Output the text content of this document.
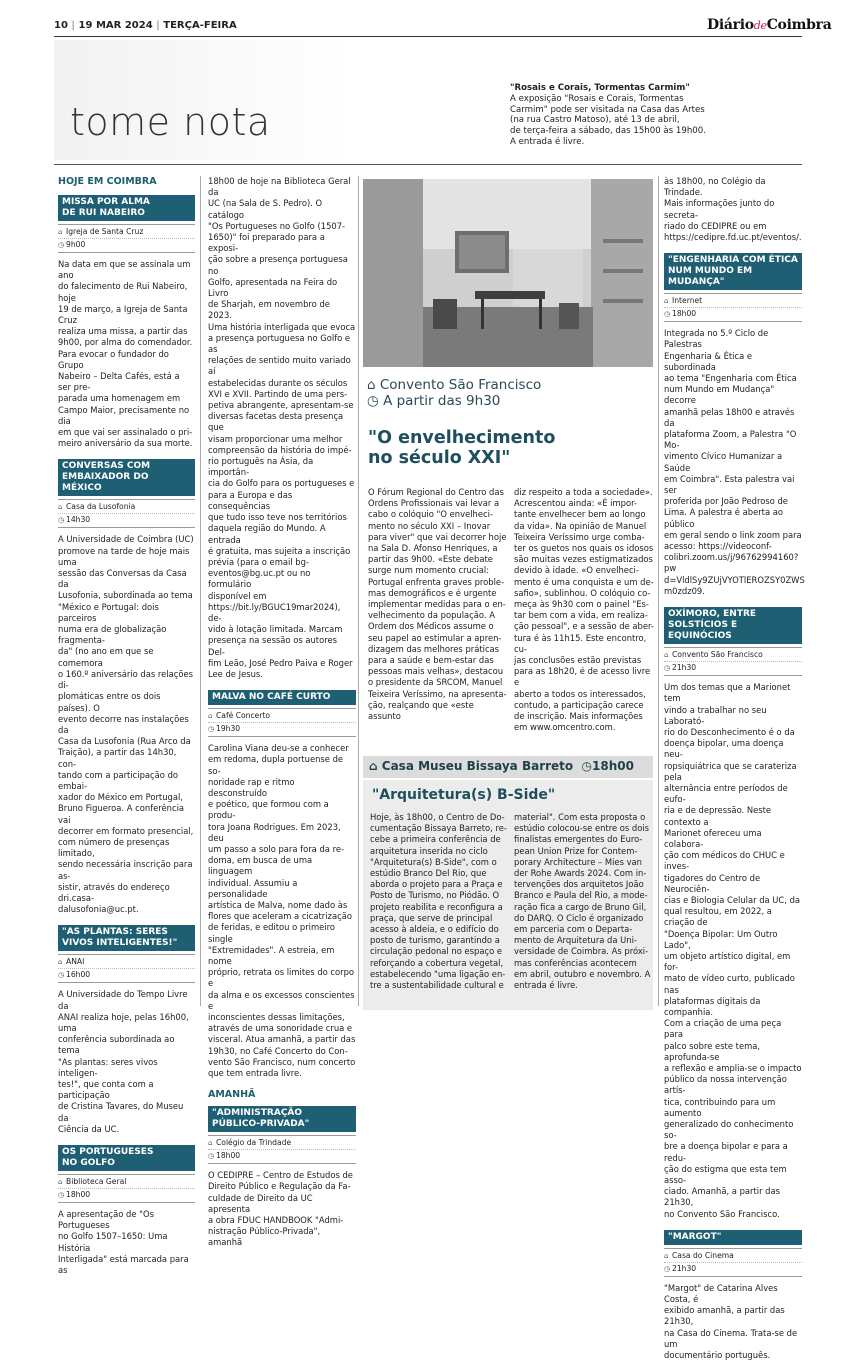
10 | 19 MAR 2024 | TERÇA-FEIRA	DiáriodeCoimbra
tome nota
"Rosais e Corais, Tormentas Carmim"
A exposição "Rosais e Corais, Tormentas
Carmim" pode ser visitada na Casa das Artes
(na rua Castro Matoso), até 13 de abril,
de terça-feira a sábado, das 15h00 às 19h00.
A entrada é livre.
HOJE EM COIMBRA
MISSA POR ALMA
DE RUI NABEIRO
⌂ Igreja de Santa Cruz
◷ 9h00
Na data em que se assinala um ano
do falecimento de Rui Nabeiro, hoje
19 de março, a Igreja de Santa Cruz
realiza uma missa, a partir das
9h00, por alma do comendador.
Para evocar o fundador do Grupo
Nabeiro – Delta Cafés, está a ser pre-
parada uma homenagem em
Campo Maior, precisamente no dia
em que vai ser assinalado o pri-
meiro aniversário da sua morte.
CONVERSAS COM
EMBAIXADOR DO MÉXICO
⌂ Casa da Lusofonia
◷ 14h30
A Universidade de Coimbra (UC)
promove na tarde de hoje mais uma
sessão das Conversas da Casa da
Lusofonia, subordinada ao tema
"México e Portugal: dois parceiros
numa era de globalização fragmenta-
da" (no ano em que se comemora
o 160.º aniversário das relações di-
plomáticas entre os dois países). O
evento decorre nas instalações da
Casa da Lusofonia (Rua Arco da
Traição), a partir das 14h30, con-
tando com a participação do embai-
xador do México em Portugal,
Bruno Figueroa. A conferência vai
decorrer em formato presencial,
com número de presenças limitado,
sendo necessária inscrição para as-
sistir, através do endereço dri.casa-
dalusofonia@uc.pt.
"AS PLANTAS: SERES
VIVOS INTELIGENTES!"
⌂ ANAI
◷ 16h00
A Universidade do Tempo Livre da
ANAI realiza hoje, pelas 16h00, uma
conferência subordinada ao tema
"As plantas: seres vivos inteligen-
tes!", que conta com a participação
de Cristina Tavares, do Museu da
Ciência da UC.
OS PORTUGUESES
NO GOLFO
⌂ Biblioteca Geral
◷ 18h00
A apresentação de "Os Portugueses
no Golfo 1507–1650: Uma História
Interligada" está marcada para as
18h00 de hoje na Biblioteca Geral da
UC (na Sala de S. Pedro). O catálogo
"Os Portugueses no Golfo (1507-
1650)" foi preparado para a exposi-
ção sobre a presença portuguesa no
Golfo, apresentada na Feira do Livro
de Sharjah, em novembro de 2023.
Uma história interligada que evoca
a presença portuguesa no Golfo e as
relações de sentido muito variado aí
estabelecidas durante os séculos
XVI e XVII. Partindo de uma pers-
petiva abrangente, apresentam-se
diversas facetas desta presença que
visam proporcionar uma melhor
compreensão da história do impé-
rio português na Ásia, da importân-
cia do Golfo para os portugueses e
para a Europa e das consequências
que tudo isso teve nos territórios
daquela região do Mundo. A entrada
é gratuita, mas sujeita a inscrição
prévia (para o email bg-
eventos@bg.uc.pt ou no formulário
disponível em
https://bit.ly/BGUC19mar2024), de-
vido à lotação limitada. Marcam
presença na sessão os autores Del-
fim Leão, José Pedro Paiva e Roger
Lee de Jesus.
MALVA NO CAFÉ CURTO
⌂ Café Concerto
◷ 19h30
Carolina Viana deu-se a conhecer
em redoma, dupla portuense de so-
noridade rap e ritmo desconstruído
e poético, que formou com a produ-
tora Joana Rodrigues. Em 2023, deu
um passo a solo para fora da re-
doma, em busca de uma linguagem
individual. Assumiu a personalidade
artística de Malva, nome dado às
flores que aceleram a cicatrização
de feridas, e editou o primeiro single
"Extremidades". A estreia, em nome
próprio, retrata os limites do corpo e
da alma e os excessos conscientes e
inconscientes dessas limitações,
através de uma sonoridade crua e
visceral. Atua amanhã, a partir das
19h30, no Café Concerto do Con-
vento São Francisco, num concerto
que tem entrada livre.
AMANHÃ
"ADMINISTRAÇÃO
PÚBLICO-PRIVADA"
⌂ Colégio da Trindade
◷ 18h00
O CEDIPRE – Centro de Estudos de
Direito Público e Regulação da Fa-
culdade de Direito da UC apresenta
a obra FDUC HANDBOOK "Admi-
nistração Público-Privada", amanhã
⌂ Convento São Francisco
◷ A partir das 9h30
"O envelhecimento
no século XXI"
O Fórum Regional do Centro das
Ordens Profissionais vai levar a
cabo o colóquio "O envelheci-
mento no século XXI – Inovar
para viver" que vai decorrer hoje
na Sala D. Afonso Henriques, a
partir das 9h00. «Este debate
surge num momento crucial:
Portugal enfrenta graves proble-
mas demográficos e é urgente
implementar medidas para o en-
velhecimento da população. A
Ordem dos Médicos assume o
seu papel ao estimular a apren-
dizagem das melhores práticas
para a saúde e bem-estar das
pessoas mais velhas», destacou
o presidente da SRCOM, Manuel
Teixeira Veríssimo, na apresenta-
ção, realçando que «este assunto
diz respeito a toda a sociedade».
Acrescentou ainda: «É impor-
tante envelhecer bem ao longo
da vida». Na opinião de Manuel
Teixeira Veríssimo urge comba-
ter os guetos nos quais os idosos
são muitas vezes estigmatizados
devido à idade. «O envelheci-
mento é uma conquista e um de-
safio», sublinhou. O colóquio co-
meça às 9h30 com o painel "Es-
tar bem com a vida, em realiza-
ção pessoal", e a sessão de aber-
tura é às 11h15. Este encontro, cu-
jas conclusões estão previstas
para as 18h20, é de acesso livre e
aberto a todos os interessados,
contudo, a participação carece
de inscrição. Mais informações
em www.omcentro.com.
⌂ Casa Museu Bissaya Barreto ◷18h00
"Arquitetura(s) B-Side"
Hoje, às 18h00, o Centro de Do-
cumentação Bissaya Barreto, re-
cebe a primeira conferência de
arquitetura inserida no ciclo
"Arquitetura(s) B-Side", com o
estúdio Branco Del Rio, que
aborda o projeto para a Praça e
Posto de Turismo, no Piódão. O
projeto reabilita e reconfigura a
praça, que serve de principal
acesso à aldeia, e o edifício do
posto de turismo, garantindo a
circulação pedonal no espaço e
reforçando a cobertura vegetal,
estabelecendo "uma ligação en-
tre a sustentabilidade cultural e
material". Com esta proposta o
estúdio colocou-se entre os dois
finalistas emergentes do Euro-
pean Union Prize for Contem-
porary Architecture – Mies van
der Rohe Awards 2024. Com in-
tervenções dos arquitetos João
Branco e Paula del Rio, a mode-
ração fica a cargo de Bruno Gil,
do DARQ. O Ciclo é organizado
em parceria com o Departa-
mento de Arquitetura da Uni-
versidade de Coimbra. As próxi-
mas conferências acontecem
em abril, outubro e novembro. A
entrada é livre.
às 18h00, no Colégio da Trindade.
Mais informações junto do secreta-
riado do CEDIPRE ou em
https://cedipre.fd.uc.pt/eventos/.
"ENGENHARIA COM ÉTICA
NUM MUNDO EM MUDANÇA"
⌂ Internet
◷ 18h00
Integrada no 5.º Ciclo de Palestras
Engenharia & Ética e subordinada
ao tema "Engenharia com Ética
num Mundo em Mudança" decorre
amanhã pelas 18h00 e através da
plataforma Zoom, a Palestra "O Mo-
vimento Cívico Humanizar a Saúde
em Coimbra". Esta palestra vai ser
proferida por João Pedroso de
Lima. A palestra é aberta ao público
em geral sendo o link zoom para
acesso: https://videoconf-
colibri.zoom.us/j/96762994160?pw
d=VldlSy9ZUjVYOTlEROZSY0ZWS
m0zdz09.
OXÍMORO, ENTRE
SOLSTÍCIOS E EQUINÓCIOS
⌂ Convento São Francisco
◷ 21h30
Um dos temas que a Marionet tem
vindo a trabalhar no seu Laborató-
rio do Desconhecimento é o da
doença bipolar, uma doença neu-
ropsiquiátrica que se carateriza pela
alternância entre períodos de eufo-
ria e de depressão. Neste contexto a
Marionet ofereceu uma colabora-
ção com médicos do CHUC e inves-
tigadores do Centro de Neurociên-
cias e Biologia Celular da UC, da
qual resultou, em 2022, a criação de
"Doença Bipolar: Um Outro Lado",
um objeto artístico digital, em for-
mato de vídeo curto, publicado nas
plataformas digitais da companhia.
Com a criação de uma peça para
palco sobre este tema, aprofunda-se
a reflexão e amplia-se o impacto
público da nossa intervenção artís-
tica, contribuindo para um aumento
generalizado do conhecimento so-
bre a doença bipolar e para a redu-
ção do estigma que esta tem asso-
ciado. Amanhã, a partir das 21h30,
no Convento São Francisco.
"MARGOT"
⌂ Casa do Cinema
◷ 21h30
"Margot" de Catarina Alves Costa, é
exibido amanhã, a partir das 21h30,
na Casa do Cinema. Trata-se de um
documentário português.
